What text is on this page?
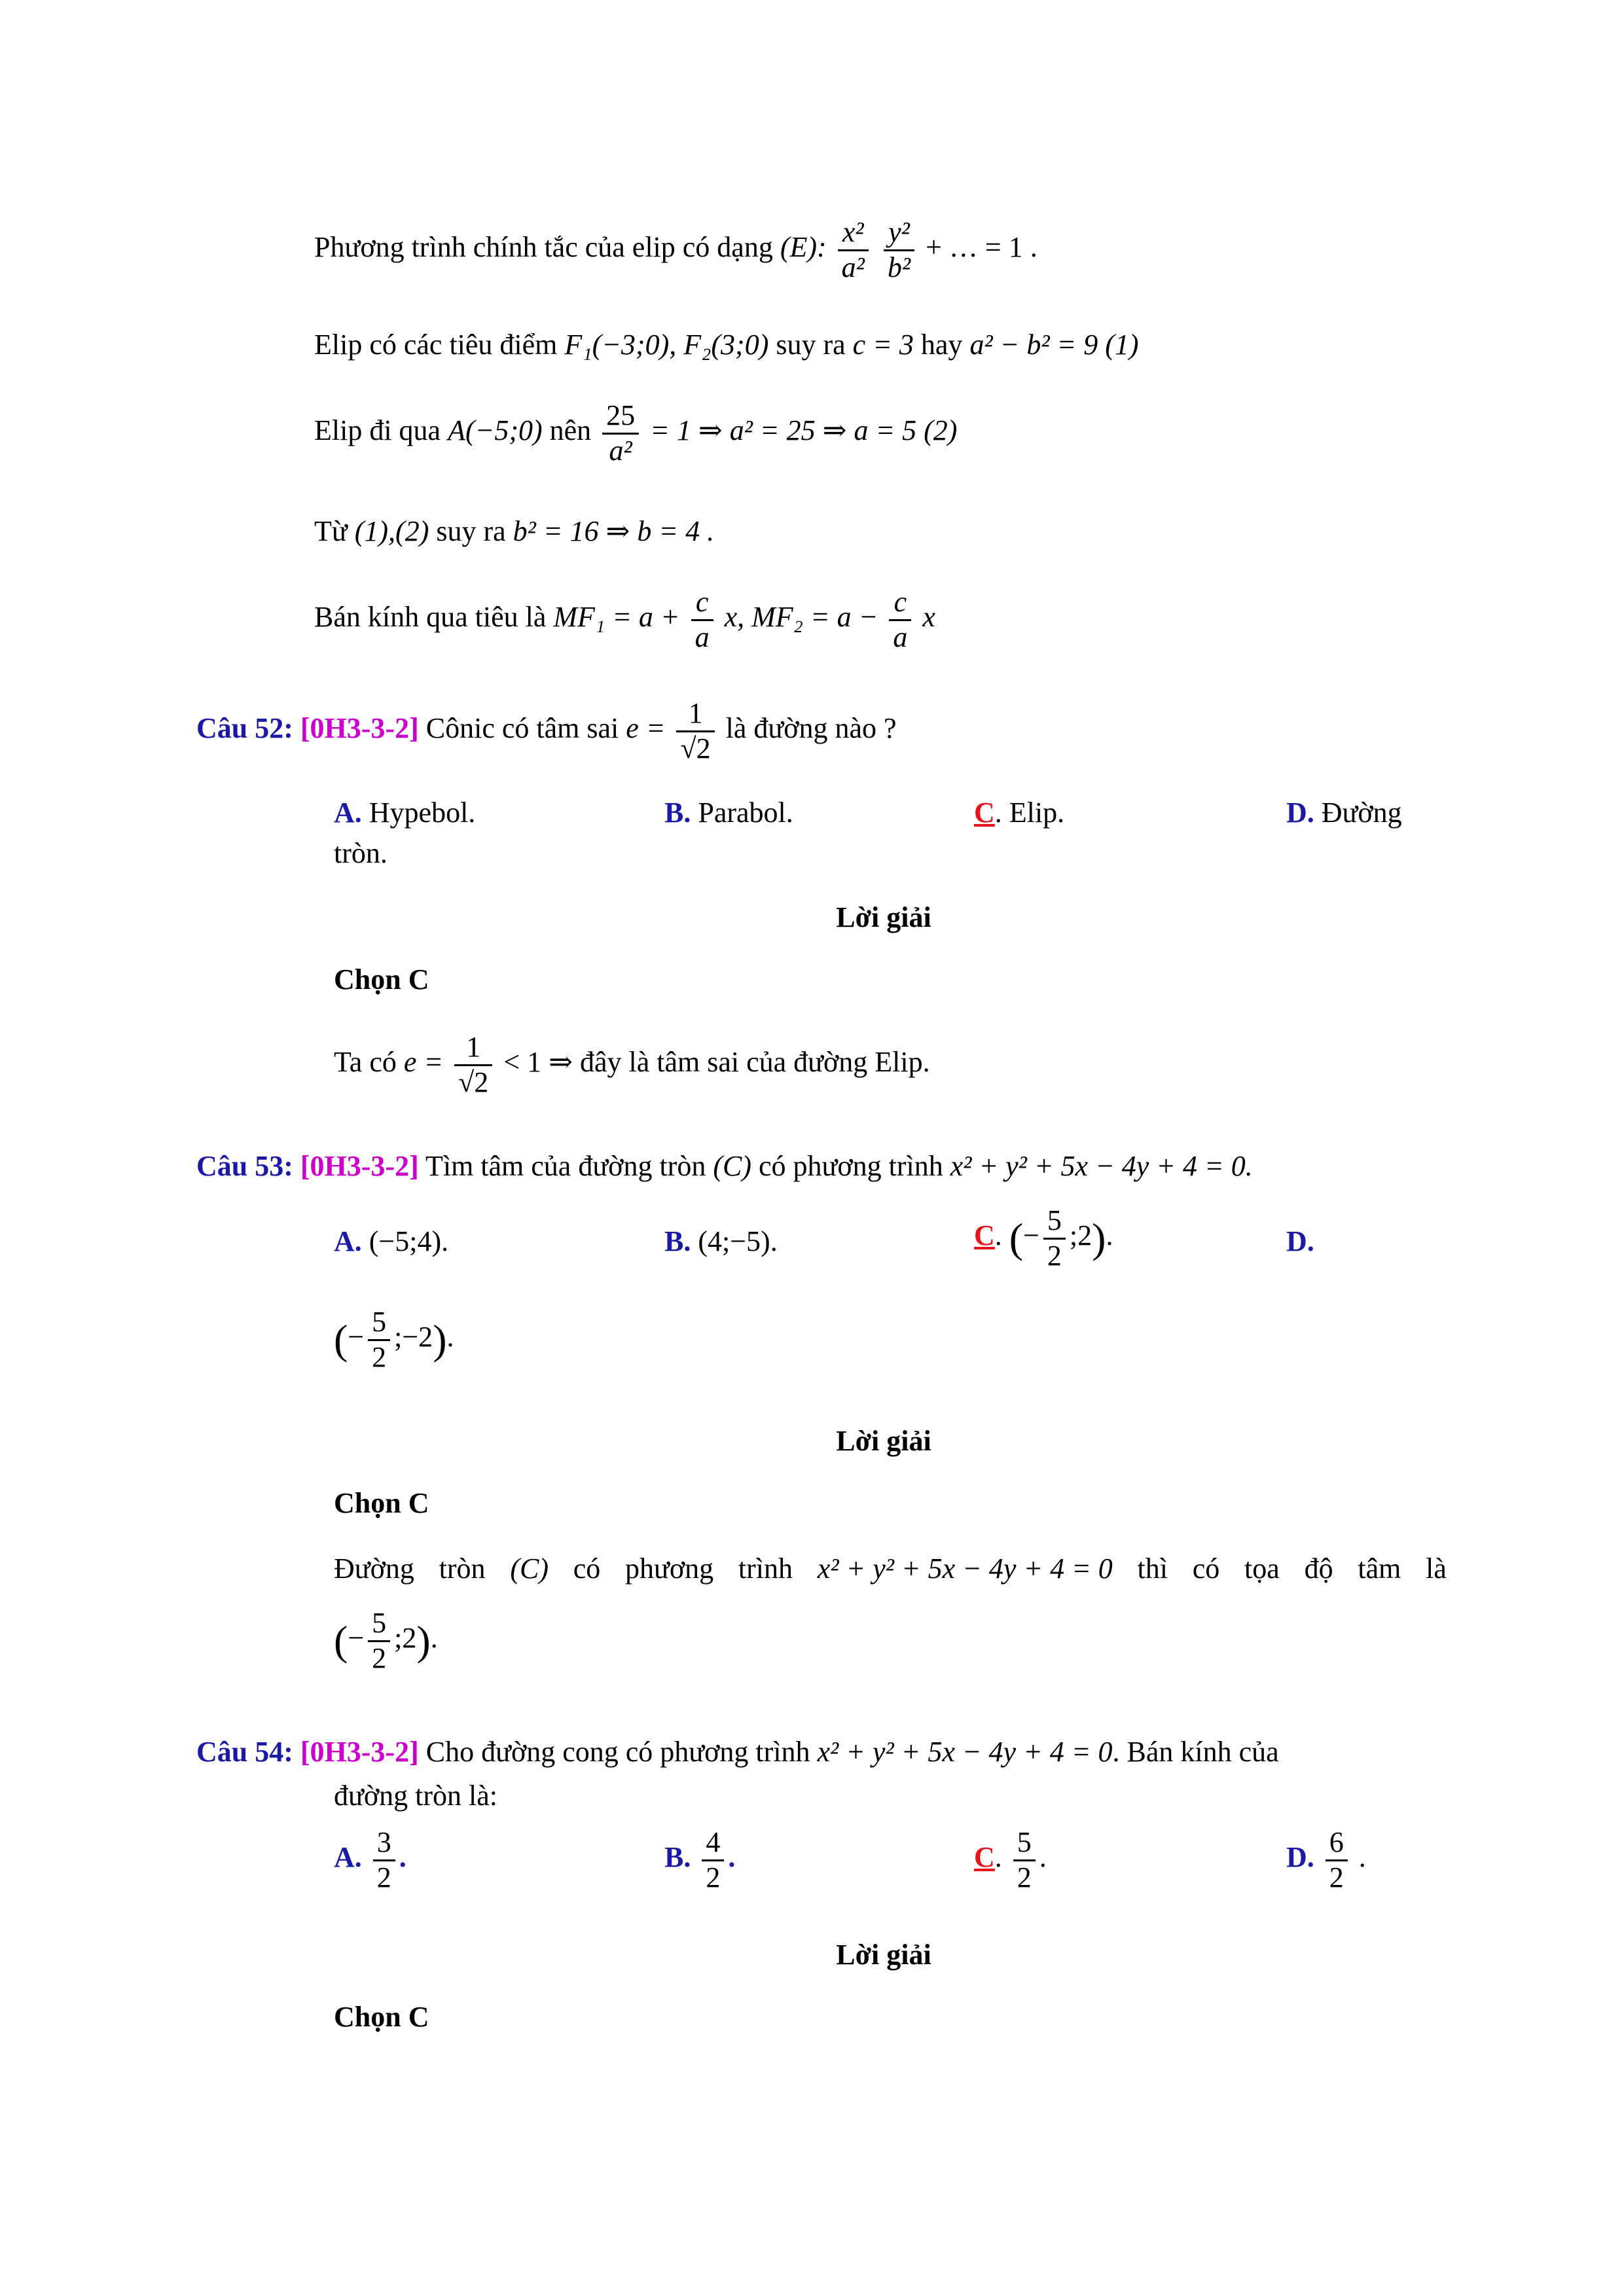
Phương trình chính tắc của elip có dạng (E): $\frac{\text{x²}}{\text{a²}}$
$\frac{\text{y²}}{\text{b²}}$ + … = 1 .
Elip có các tiêu điểm F₁(−3;0), F₂(3;0) suy ra c = 3 hay a² − b² = 9 (1)
Elip đi qua A(−5;0) nên $\frac{25}{\text{a²}} = 1$ ⇒ a² = 25 ⇒ a = 5 (2)
Từ (1),(2) suy ra b² = 16 ⇒ b = 4 .
Bán kính qua tiêu là $MF_1 = a + \frac{c}{a} x$, $MF_2 = a - \frac{c}{a}$ x
Câu 52: [0H3-3-2] Cônic có tâm sai $e = \frac{1}{√2}$ là đường nào ?
A. Hypebol.	B. Parabol.	C. Elip.	D. Đường
tròn.
Lời giải
Chọn C
Ta có $e = \frac{1}{√2} < 1$ ⇒ đây là tâm sai của đường Elip.
Câu 53: [0H3-3-2] Tìm tâm của đường tròn (C) có phương trình x² + y² + 5x − 4y + 4 = 0.
A. (−5;4).	B. (4;−5).	C. (− $\frac{5}{2}$ ;2).	D.
(− $\frac{5}{2}$ ;−2).
Lời giải
Chọn C
Đường tròn (C) có phương trình x² + y² + 5x − 4y + 4 = 0 thì có tọa độ tâm là
(− $\frac{5}{2}$ ;2).
Câu 54: [0H3-3-2] Cho đường cong có phương trình x² + y² + 5x − 4y + 4 = 0. Bán kính của
đường tròn là:
A. $\frac{3}{2}$ .	B. $\frac{4}{2}$ .	C. $\frac{5}{2}$ .	D. $\frac{6}{2}$ .
Lời giải
Chọn C
